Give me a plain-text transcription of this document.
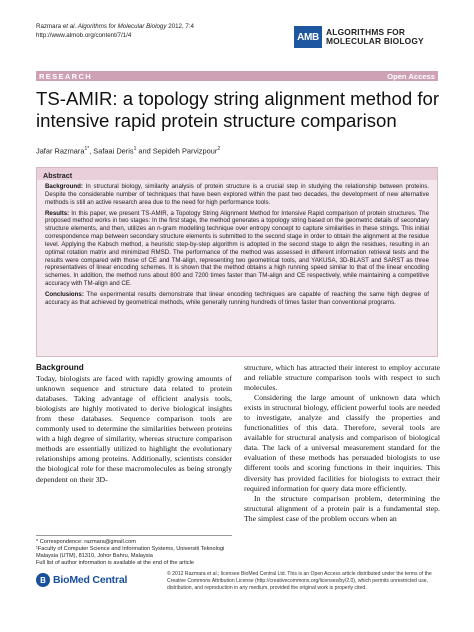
Razmara et al. Algorithms for Molecular Biology 2012, 7:4
http://www.almob.org/content/7/1/4	AMB ALGORITHMS FOR
MOLECULAR BIOLOGY
RESEARCH	Open Access
TS-AMIR: a topology string alignment method for intensive rapid protein structure comparison
Jafar Razmara$^{1*}$, Safaai Deris$^1$ and Sepideh Parvizpour$^2$
Abstract

Background: In structural biology, similarity analysis of protein structure is a crucial step in studying the relationship between proteins. Despite the considerable number of techniques that have been explored within the past two decades, the development of new alternative methods is still an active research area due to the need for high performance tools.

Results: In this paper, we present TS-AMIR, a Topology String Alignment Method for Intensive Rapid comparison of protein structures. The proposed method works in two stages: In the first stage, the method generates a topology string based on the geometric details of secondary structure elements, and then, utilizes an n-gram modelling technique over entropy concept to capture similarities in these strings. This initial correspondence map between secondary structure elements is submitted to the second stage in order to obtain the alignment at the residue level. Applying the Kabsch method, a heuristic step-by-step algorithm is adopted in the second stage to align the residues, resulting in an optimal rotation matrix and minimized RMSD. The performance of the method was assessed in different information retrieval tests and the results were compared with those of CE and TM-align, representing two geometrical tools, and YAKUSA, 3D-BLAST and SARST as three representatives of linear encoding schemes. It is shown that the method obtains a high running speed similar to that of the linear encoding schemes. In addition, the method runs about 800 and 7200 times faster than TM-align and CE respectively, while maintaining a competitive accuracy with TM-align and CE.

Conclusions: The experimental results demonstrate that linear encoding techniques are capable of reaching the same high degree of accuracy as that achieved by geometrical methods, while generally running hundreds of times faster than conventional programs.

Background

Today, biologists are faced with rapidly growing amounts of unknown sequence and structure data related to protein databases. Taking advantage of efficient analysis tools, biologists are highly motivated to derive biological insights from these databases. Sequence comparison tools are commonly used to determine the similarities between proteins with a high degree of similarity, whereas structure comparison methods are essentially utilized to highlight the evolutionary relationships among proteins. Additionally, scientists consider the biological role for these macromolecules as being strongly dependent on their 3D-

structure, which has attracted their interest to employ accurate and reliable structure comparison tools with respect to such molecules.

Considering the large amount of unknown data which exists in structural biology, efficient powerful tools are needed to investigate, analyze and classify the properties and functionalities of this data. Therefore, several tools are available for structural analysis and comparison of biological data. The lack of a universal measurement standard for the evaluation of these methods has persuaded biologists to use different tools and scoring functions in their inquiries. This diversity has provided facilities for biologists to extract their required information for query data more efficiently.

In the structure comparison problem, determining the structural alignment of a protein pair is a fundamental step. The simplest case of the problem occurs when an

* Correspondence: razmara@gmail.com
¹Faculty of Computer Science and Information Systems, Universiti Teknologi Malaysia (UTM), 81310, Johor Bahru, Malaysia
Full list of author information is available at the end of the article
B BioMed Central	© 2012 Razmara et al.; licensee BioMed Central Ltd. This is an Open Access article distributed under the terms of the Creative Commons Attribution License (http://creativecommons.org/licenses/by/2.0), which permits unrestricted use, distribution, and reproduction in any medium, provided the original work is properly cited.
